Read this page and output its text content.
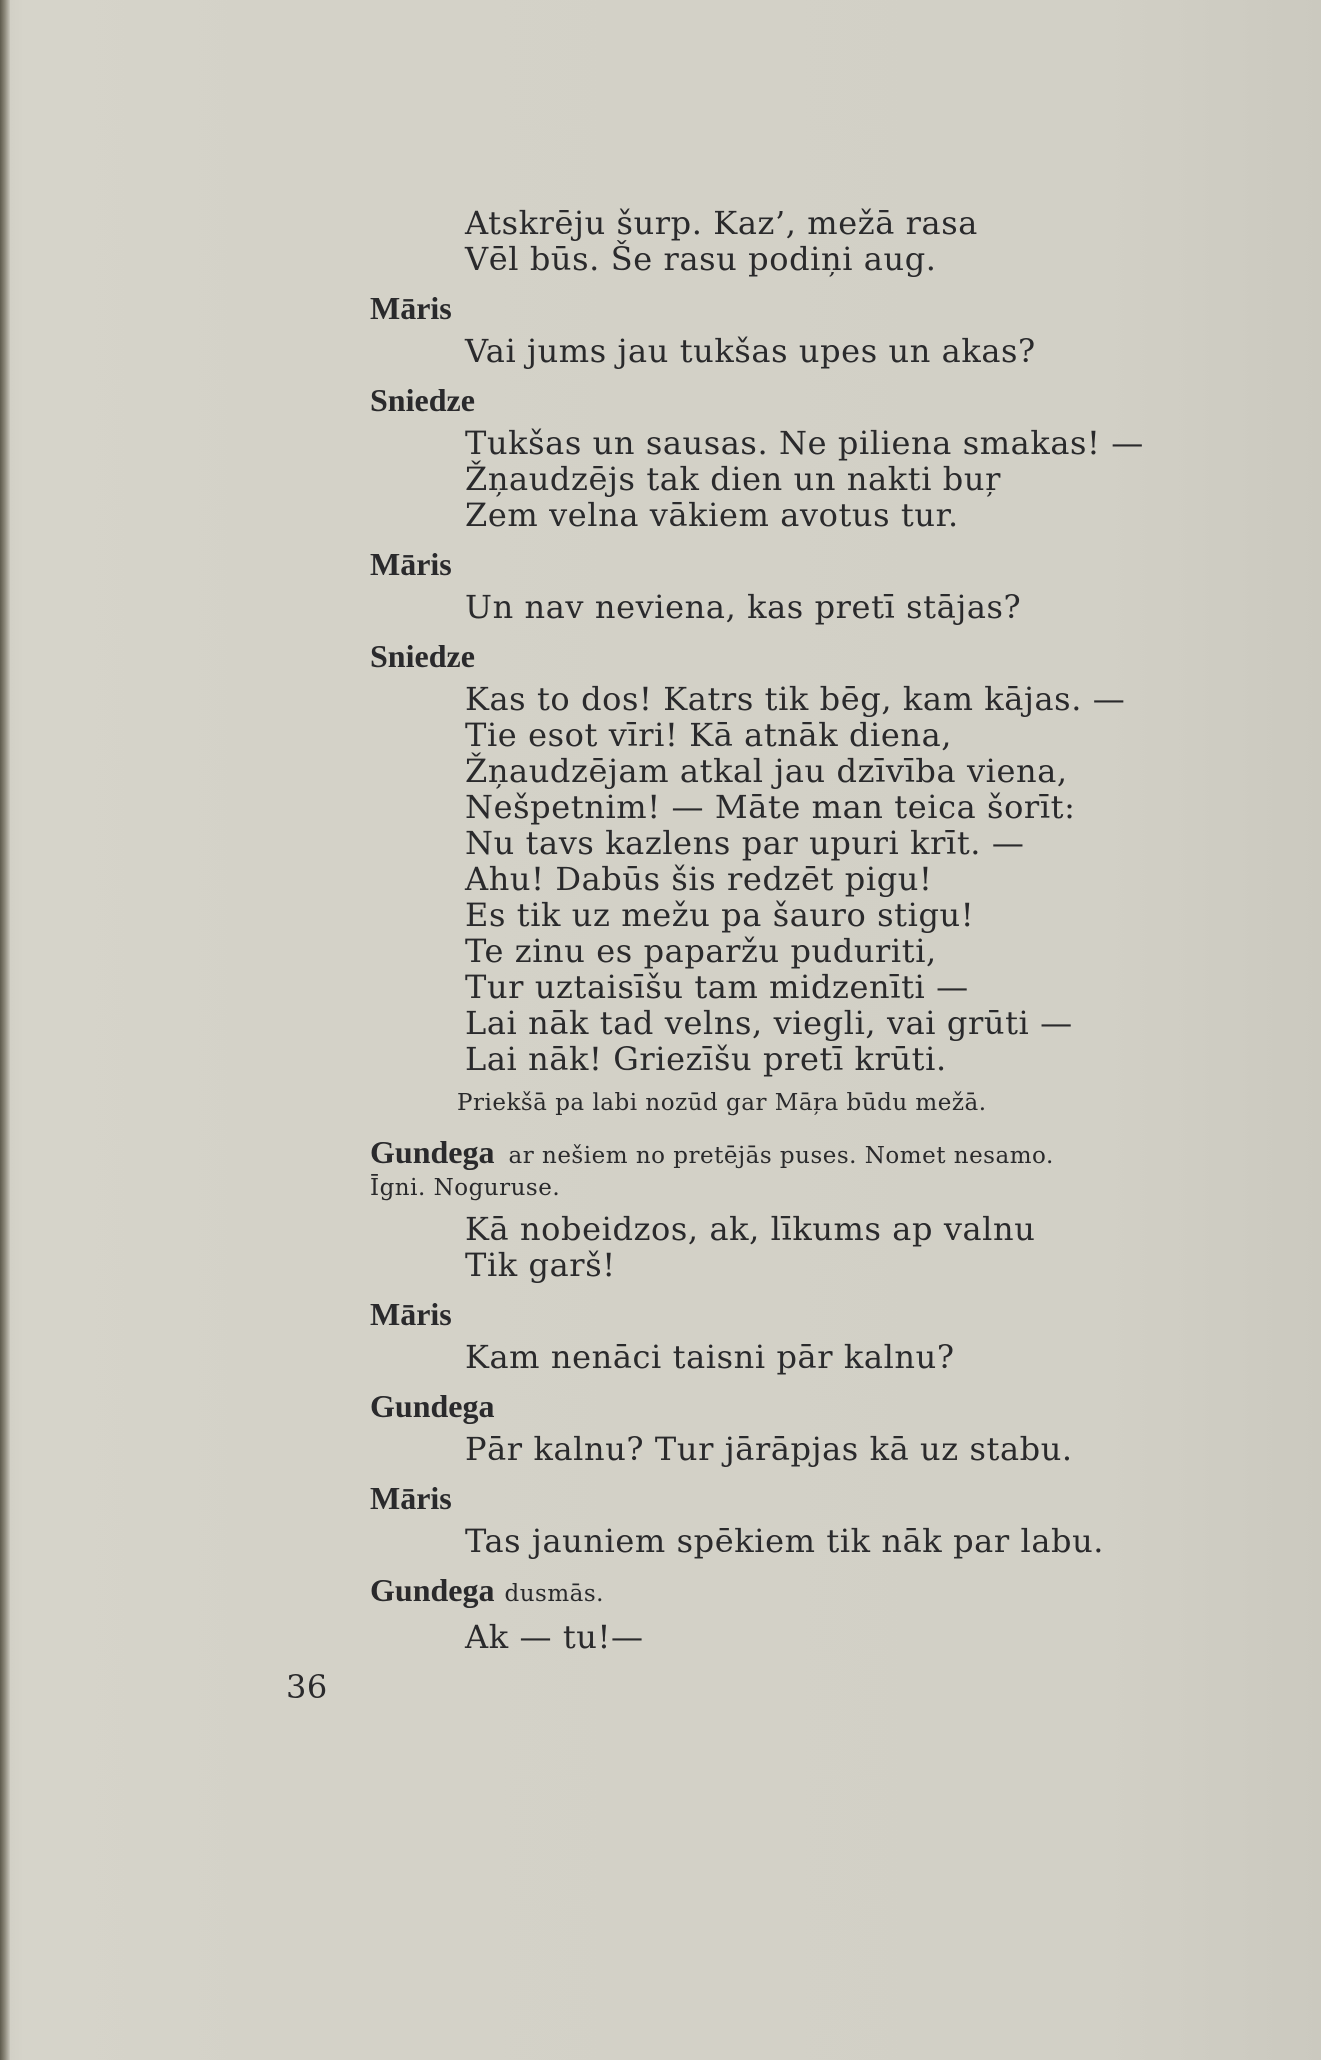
Atskrēju šurp. Kaz’, mežā rasa
Vēl būs. Še rasu podiņi aug.
Māris
Vai jums jau tukšas upes un akas?
Sniedze
Tukšas un sausas. Ne piliena smakas! —
Žņaudzējs tak dien un nakti buŗ
Zem velna vākiem avotus tur.
Māris
Un nav neviena, kas pretī stājas?
Sniedze
Kas to dos! Katrs tik bēg, kam kājas. —
Tie esot vīri! Kā atnāk diena,
Žņaudzējam atkal jau dzīvība viena,
Nešpetnim! — Māte man teica šorīt:
Nu tavs kazlens par upuri krīt. —
Ahu! Dabūs šis redzēt pigu!
Es tik uz mežu pa šauro stigu!
Te zinu es paparžu puduriti,
Tur uztaisīšu tam midzenīti —
Lai nāk tad velns, viegli, vai grūti —
Lai nāk! Griezīšu pretī krūti.
Priekšā pa labi nozūd gar Māŗa būdu mežā.
Gundega ar nešiem no pretējās puses. Nomet nesamo.
Īgni. Noguruse.
Kā nobeidzos, ak, līkums ap valnu
Tik garš!
Māris
Kam nenāci taisni pār kalnu?
Gundega
Pār kalnu? Tur jārāpjas kā uz stabu.
Māris
Tas jauniem spēkiem tik nāk par labu.
Gundega dusmās.
Ak — tu!—
36
